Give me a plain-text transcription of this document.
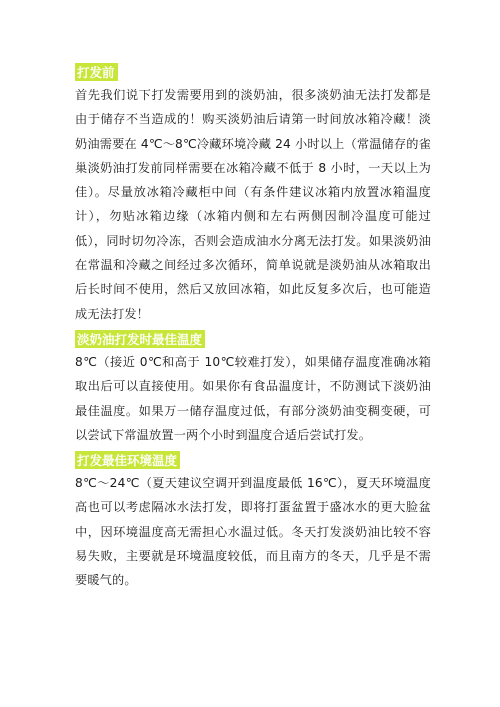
打发前

首先我们说下打发需要用到的淡奶油，很多淡奶油无法打发都是由于储存不当造成的！购买淡奶油后请第一时间放冰箱冷藏！淡奶油需要在 4℃～8℃冷藏环境冷藏 24 小时以上（常温储存的雀巢淡奶油打发前同样需要在冰箱冷藏不低于 8 小时，一天以上为佳）。尽量放冰箱冷藏柜中间（有条件建议冰箱内放置冰箱温度计），勿贴冰箱边缘（冰箱内侧和左右两侧因制冷温度可能过低），同时切勿冷冻，否则会造成油水分离无法打发。如果淡奶油在常温和冷藏之间经过多次循环，简单说就是淡奶油从冰箱取出后长时间不使用，然后又放回冰箱，如此反复多次后，也可能造成无法打发！

淡奶油打发时最佳温度

8℃（接近 0℃和高于 10℃较难打发），如果储存温度准确冰箱取出后可以直接使用。如果你有食品温度计，不防测试下淡奶油最佳温度。如果万一储存温度过低，有部分淡奶油变稠变硬，可以尝试下常温放置一两个小时到温度合适后尝试打发。

打发最佳环境温度

8℃～24℃（夏天建议空调开到温度最低 16℃），夏天环境温度高也可以考虑隔冰水法打发，即将打蛋盆置于盛冰水的更大脸盆中，因环境温度高无需担心水温过低。冬天打发淡奶油比较不容易失败，主要就是环境温度较低，而且南方的冬天，几乎是不需要暖气的。
